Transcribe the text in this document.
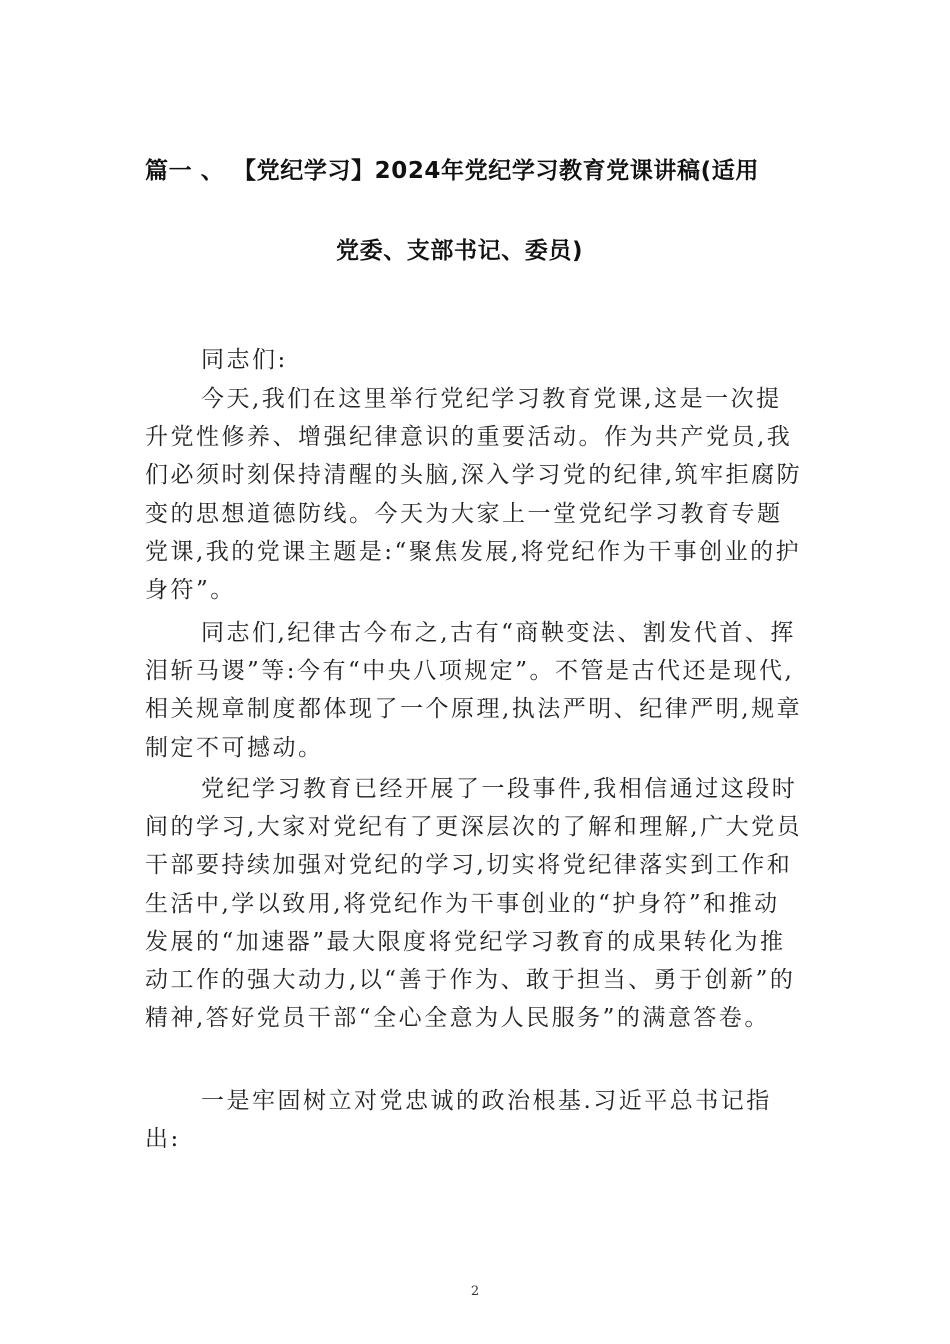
篇一 、 【党纪学习】2024年党纪学习教育党课讲稿(适用
党委、支部书记、委员)

同志们:

今天,我们在这里举行党纪学习教育党课,这是一次提升党性修养、增强纪律意识的重要活动。作为共产党员,我们必须时刻保持清醒的头脑,深入学习党的纪律,筑牢拒腐防变的思想道德防线。今天为大家上一堂党纪学习教育专题党课,我的党课主题是:“聚焦发展,将党纪作为干事创业的护身符”。

同志们,纪律古今布之,古有“商鞅变法、割发代首、挥泪斩马谡”等:今有“中央八项规定”。不管是古代还是现代,相关规章制度都体现了一个原理,执法严明、纪律严明,规章制定不可撼动。

党纪学习教育已经开展了一段事件,我相信通过这段时间的学习,大家对党纪有了更深层次的了解和理解,广大党员干部要持续加强对党纪的学习,切实将党纪律落实到工作和生活中,学以致用,将党纪作为干事创业的“护身符”和推动发展的“加速器”最大限度将党纪学习教育的成果转化为推动工作的强大动力,以“善于作为、敢于担当、勇于创新”的精神,答好党员干部“全心全意为人民服务”的满意答卷。

一是牢固树立对党忠诚的政治根基.习近平总书记指出:

2
